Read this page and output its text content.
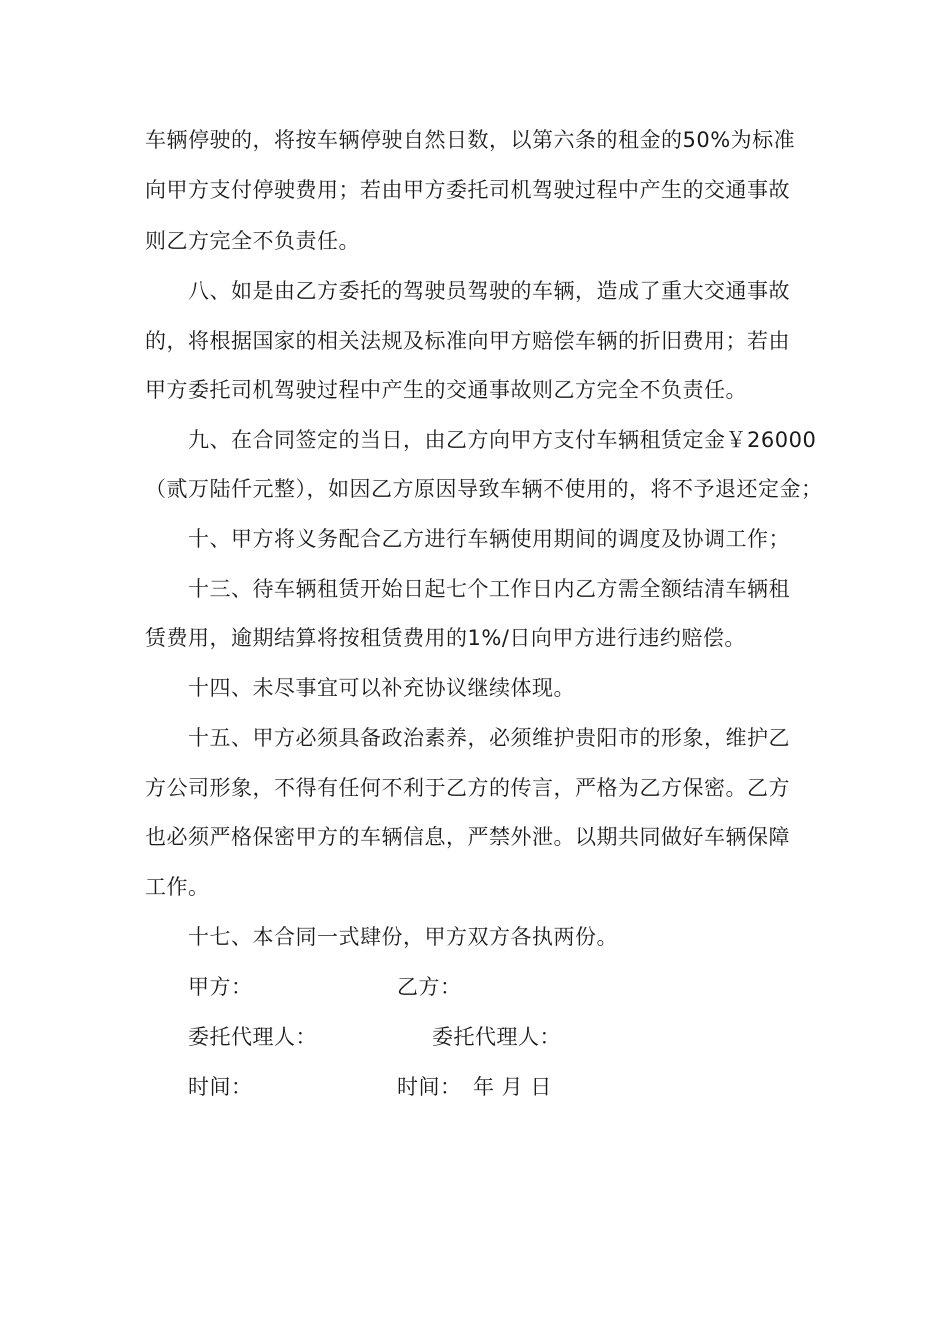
车辆停驶的，将按车辆停驶自然日数，以第六条的租金的50%为标准
向甲方支付停驶费用；若由甲方委托司机驾驶过程中产生的交通事故
则乙方完全不负责任。
八、如是由乙方委托的驾驶员驾驶的车辆，造成了重大交通事故
的，将根据国家的相关法规及标准向甲方赔偿车辆的折旧费用；若由
甲方委托司机驾驶过程中产生的交通事故则乙方完全不负责任。
九、在合同签定的当日，由乙方向甲方支付车辆租赁定金￥26000
（贰万陆仟元整），如因乙方原因导致车辆不使用的，将不予退还定金；
十、甲方将义务配合乙方进行车辆使用期间的调度及协调工作；
十三、待车辆租赁开始日起七个工作日内乙方需全额结清车辆租
赁费用，逾期结算将按租赁费用的1%/日向甲方进行违约赔偿。
十四、未尽事宜可以补充协议继续体现。
十五、甲方必须具备政治素养，必须维护贵阳市的形象，维护乙
方公司形象，不得有任何不利于乙方的传言，严格为乙方保密。乙方
也必须严格保密甲方的车辆信息，严禁外泄。以期共同做好车辆保障
工作。
十七、本合同一式肆份，甲方双方各执两份。
甲方：	乙方：
委托代理人：	委托代理人：
时间：	时间： 年 月 日
